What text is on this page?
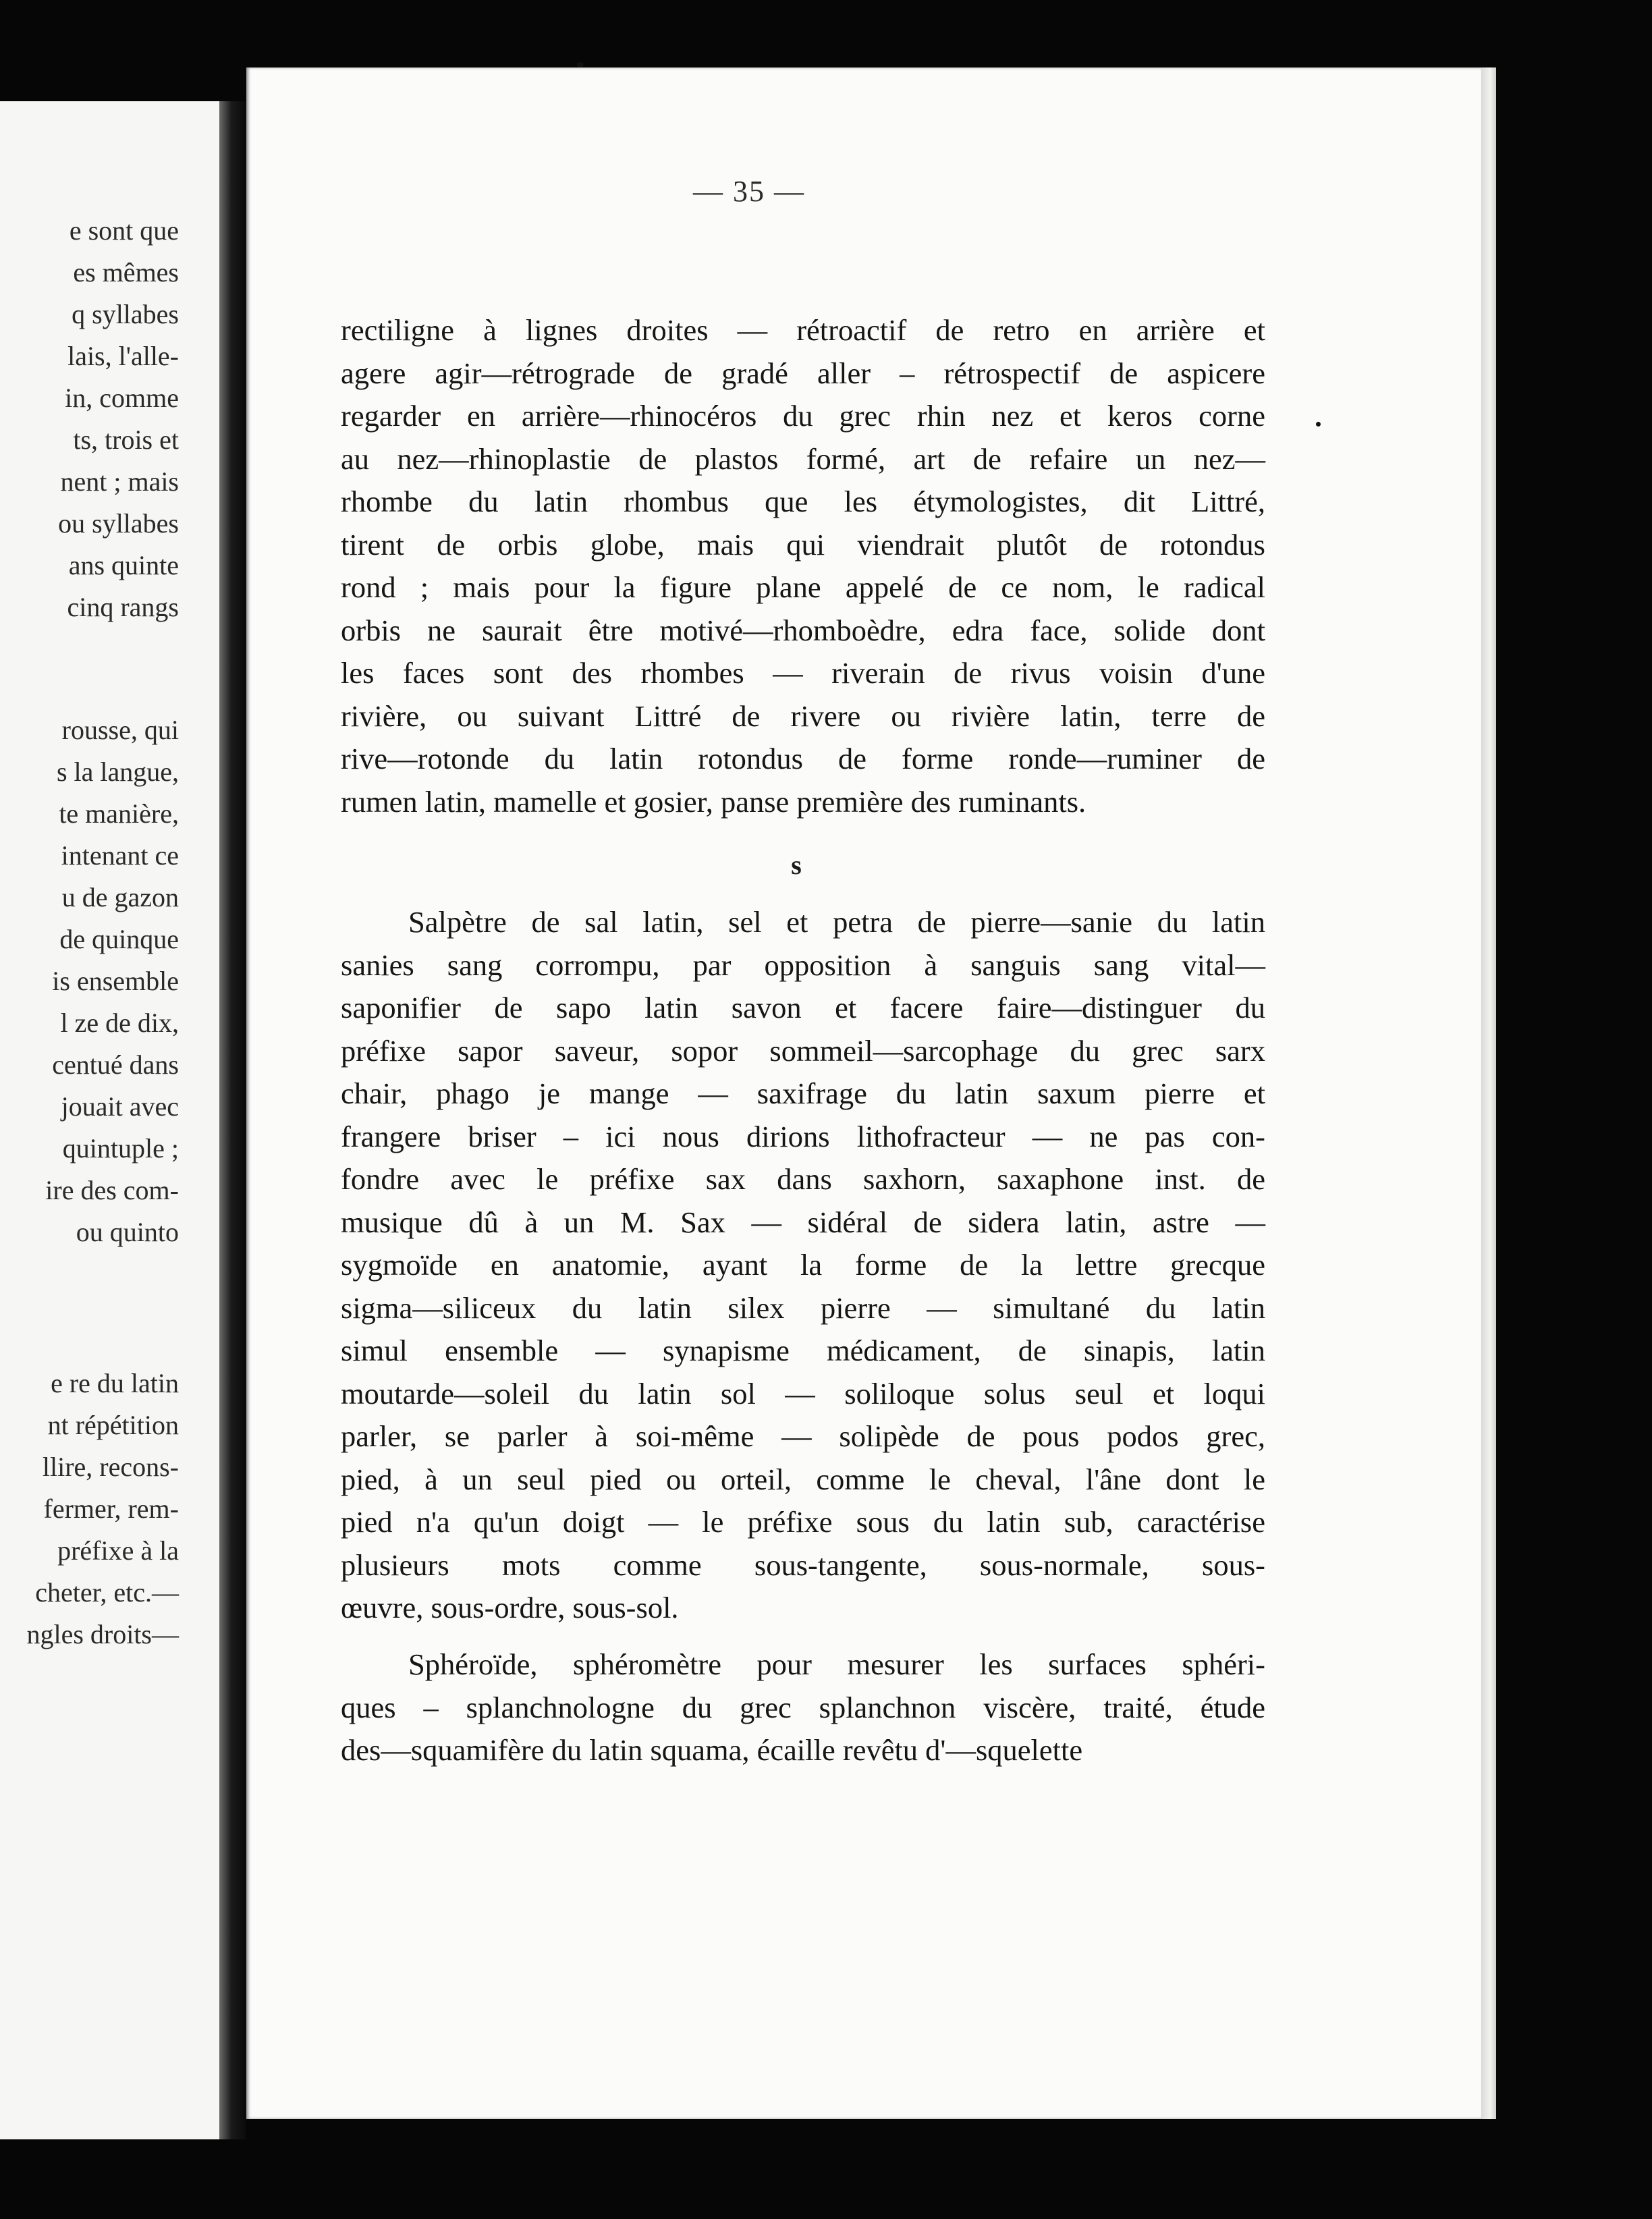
e sont que
es mêmes
q syllabes
lais, l'alle-
in, comme
ts, trois et
nent ; mais
ou syllabes
ans quinte
cinq rangs
rousse, qui
s la langue,
te manière,
intenant ce
u de gazon
de quinque
is ensemble
l ze de dix,
centué dans
jouait avec
quintuple ;
ire des com-
ou quinto
e re du latin
nt répétition
llire, recons-
fermer, rem-
préfixe à la
cheter, etc.—
ngles droits—
— 35 —
rectiligne à lignes droites — rétroactif de retro en arrière et
agere agir—rétrograde de gradé aller – rétrospectif de aspicere
regarder en arrière—rhinocéros du grec rhin nez et keros corne
au nez—rhinoplastie de plastos formé, art de refaire un nez—
rhombe du latin rhombus que les étymologistes, dit Littré,
tirent de orbis globe, mais qui viendrait plutôt de rotondus
rond ; mais pour la figure plane appelé de ce nom, le radical
orbis ne saurait être motivé—rhomboèdre, edra face, solide dont
les faces sont des rhombes — riverain de rivus voisin d'une
rivière, ou suivant Littré de rivere ou rivière latin, terre de
rive—rotonde du latin rotondus de forme ronde—ruminer de
rumen latin, mamelle et gosier, panse première des ruminants.
s
Salpètre de sal latin, sel et petra de pierre—sanie du latin
sanies sang corrompu, par opposition à sanguis sang vital—
saponifier de sapo latin savon et facere faire—distinguer du
préfixe sapor saveur, sopor sommeil—sarcophage du grec sarx
chair, phago je mange — saxifrage du latin saxum pierre et
frangere briser – ici nous dirions lithofracteur — ne pas con-
fondre avec le préfixe sax dans saxhorn, saxaphone inst. de
musique dû à un M. Sax — sidéral de sidera latin, astre —
sygmoïde en anatomie, ayant la forme de la lettre grecque
sigma—siliceux du latin silex pierre — simultané du latin
simul ensemble — synapisme médicament, de sinapis, latin
moutarde—soleil du latin sol — soliloque solus seul et loqui
parler, se parler à soi-même — solipède de pous podos grec,
pied, à un seul pied ou orteil, comme le cheval, l'âne dont le
pied n'a qu'un doigt — le préfixe sous du latin sub, caractérise
plusieurs mots comme sous-tangente, sous-normale, sous-
œuvre, sous-ordre, sous-sol.
Sphéroïde, sphéromètre pour mesurer les surfaces sphéri-
ques – splanchnologne du grec splanchnon viscère, traité, étude
des—squamifère du latin squama, écaille revêtu d'—squelette
